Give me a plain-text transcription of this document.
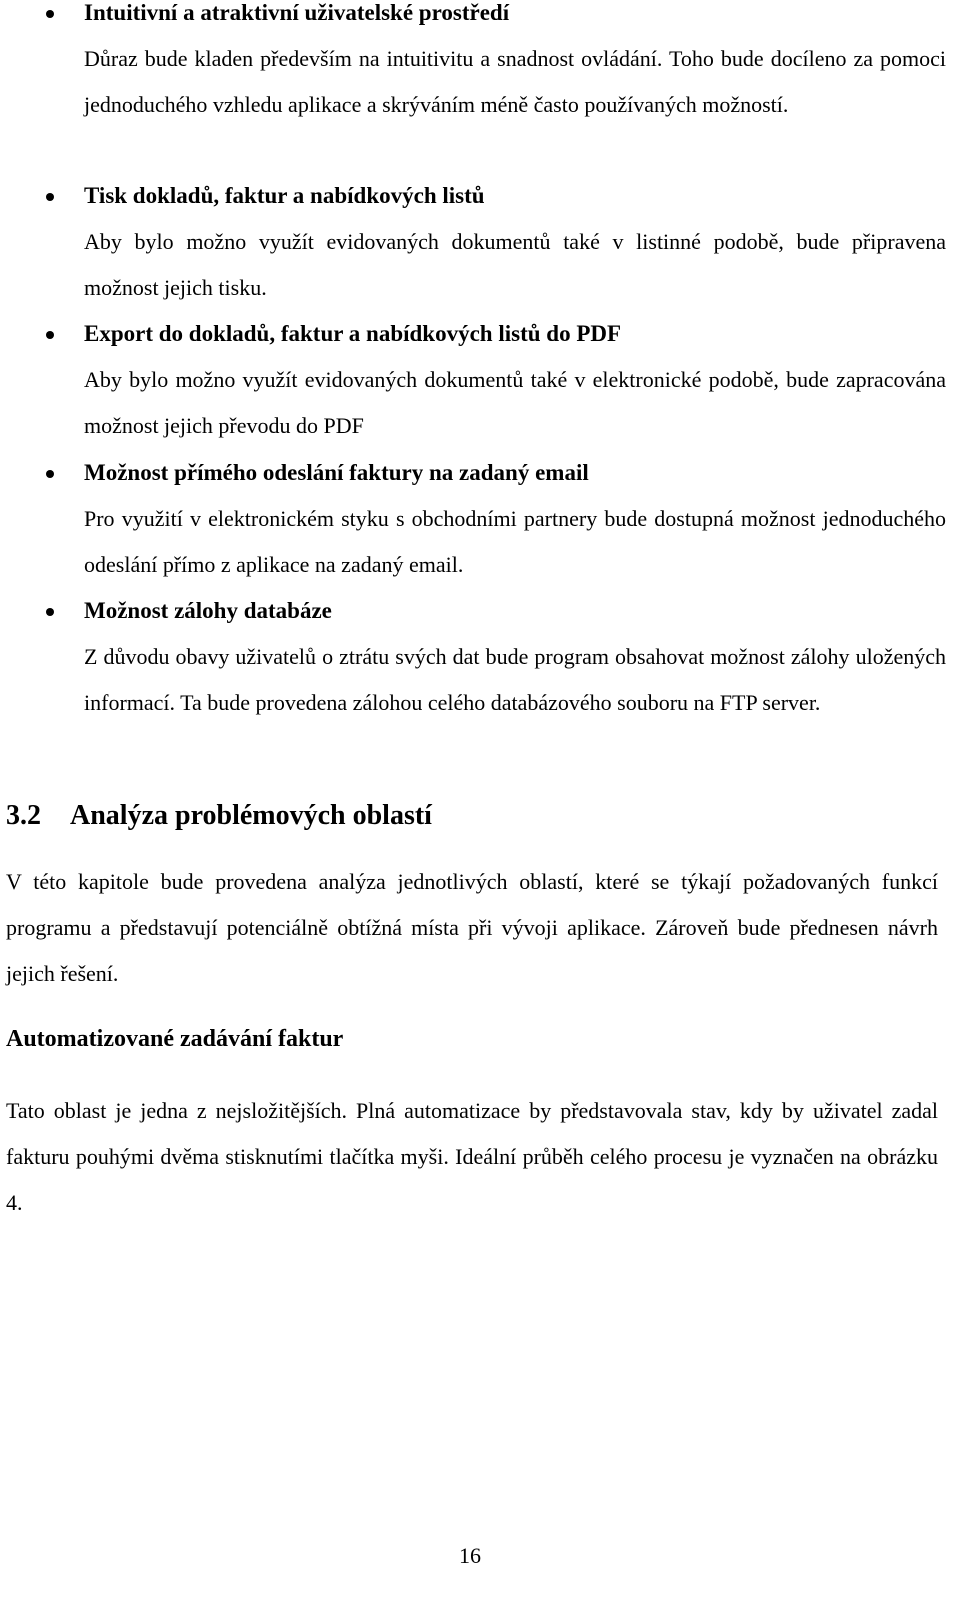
Intuitivní a atraktivní uživatelské prostředí
Důraz bude kladen především na intuitivitu a snadnost ovládání. Toho bude docíleno za pomoci jednoduchého vzhledu aplikace a skrýváním méně často používaných možností.
Tisk dokladů, faktur a nabídkových listů
Aby bylo možno využít evidovaných dokumentů také v listinné podobě, bude připravena možnost jejich tisku.
Export do dokladů, faktur a nabídkových listů do PDF
Aby bylo možno využít evidovaných dokumentů také v elektronické podobě, bude zapracována možnost jejich převodu do PDF
Možnost přímého odeslání faktury na zadaný email
Pro využití v elektronickém styku s obchodními partnery bude dostupná možnost jednoduchého odeslání přímo z aplikace na zadaný email.
Možnost zálohy databáze
Z důvodu obavy uživatelů o ztrátu svých dat bude program obsahovat možnost zálohy uložených informací. Ta bude provedena zálohou celého databázového souboru na FTP server.
3.2 Analýza problémových oblastí
V této kapitole bude provedena analýza jednotlivých oblastí, které se týkají požadovaných funkcí programu a představují potenciálně obtížná místa při vývoji aplikace. Zároveň bude přednesen návrh jejich řešení.
Automatizované zadávání faktur
Tato oblast je jedna z nejsložitějších. Plná automatizace by představovala stav, kdy by uživatel zadal fakturu pouhými dvěma stisknutími tlačítka myši. Ideální průběh celého procesu je vyznačen na obrázku 4.
16
